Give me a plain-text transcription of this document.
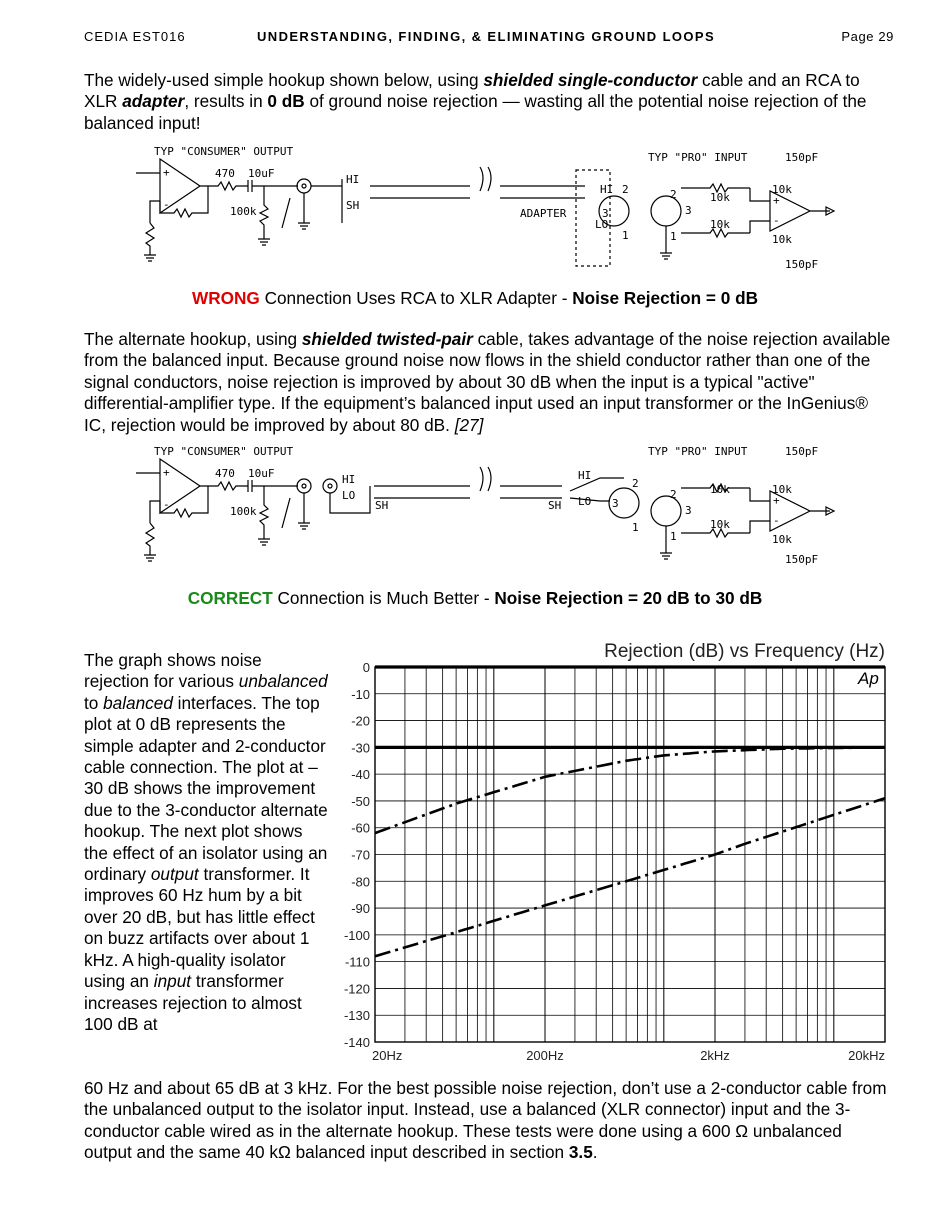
CEDIA EST016	UNDERSTANDING, FINDING, & ELIMINATING GROUND LOOPS	Page 29
The widely-used simple hookup shown below, using shielded single-conductor cable and an RCA to XLR adapter, results in 0 dB of ground noise rejection — wasting all the potential noise rejection of the balanced input!
TYP "CONSUMER" OUTPUT	TYP "PRO" INPUT
+
-
470 10uF
100k
HI
SH
ADAPTER	3
2
1
HI
LO
2
3
1
10k
10k
+
-
150pF
150pF
10k
10k
WRONG Connection Uses RCA to XLR Adapter - Noise Rejection = 0 dB
The alternate hookup, using shielded twisted-pair cable, takes advantage of the noise rejection available from the balanced input. Because ground noise now flows in the shield conductor rather than one of the signal conductors, noise rejection is improved by about 30 dB when the input is a typical "active" differential-amplifier type. If the equipment’s balanced input used an input transformer or the InGenius® IC, rejection would be improved by about 80 dB. [27]
TYP "CONSUMER" OUTPUT	TYP "PRO" INPUT
+
-
470 10uF
100k
HI
LO
SH	SH
HI
LO 3
2
1
2
3
1
10k
10k
+
-
150pF
150pF
10k
10k
CORRECT Connection is Much Better - Noise Rejection = 20 dB to 30 dB
The graph shows noise rejection for various unbalanced to balanced interfaces. The top plot at 0 dB represents the simple adapter and 2-conductor cable connection. The plot at –30 dB shows the improvement due to the 3-conductor alternate hookup. The next plot shows the effect of an isolator using an ordinary output transformer. It improves 60 Hz hum by a bit over 20 dB, but has little effect on buzz artifacts over about 1 kHz. A high-quality isolator using an input transformer increases rejection to almost 100 dB at
60 Hz and about 65 dB at 3 kHz. For the best possible noise rejection, don’t use a 2-conductor cable from the unbalanced output to the isolator input. Instead, use a balanced (XLR connector) input and the 3-conductor cable wired as in the alternate hookup. These tests were done using a 600 Ω unbalanced output and the same 40 kΩ balanced input described in section 3.5.
Rejection (dB) vs Frequency (Hz)
0
-10
-20
-30
-40
-50
-60
-70
-80
-90
-100
-110
-120
-130
-140
20Hz	200Hz	2kHz	20kHz
Ap
